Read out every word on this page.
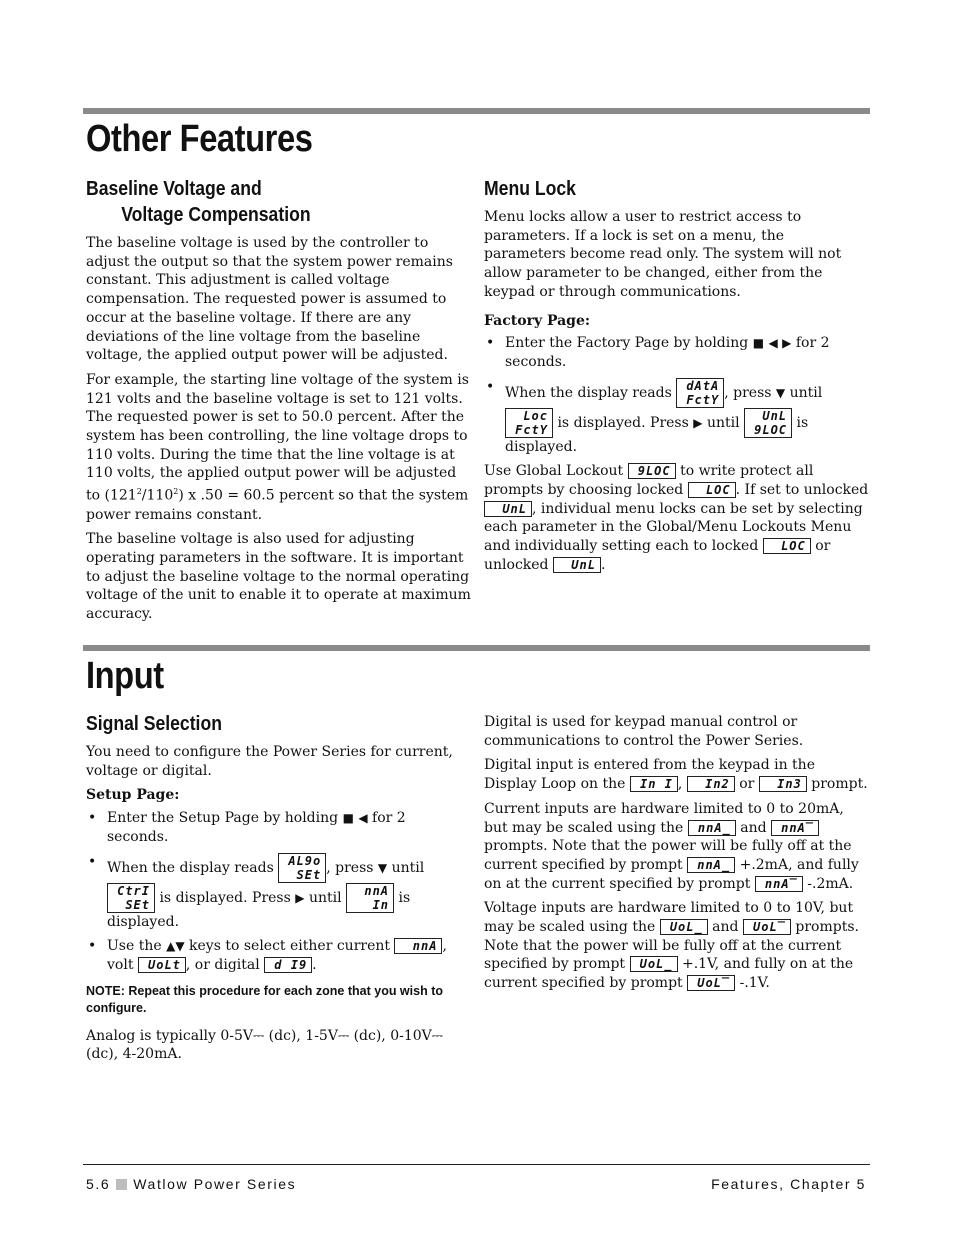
Other Features
Baseline Voltage and
Voltage Compensation

The baseline voltage is used by the controller to adjust the output so that the system power remains constant. This adjustment is called voltage compensation. The requested power is assumed to occur at the baseline voltage. If there are any deviations of the line voltage from the baseline voltage, the applied output power will be adjusted.

For example, the starting line voltage of the system is 121 volts and the baseline voltage is set to 121 volts. The requested power is set to 50.0 percent. After the system has been controlling, the line voltage drops to 110 volts. During the time that the line voltage is at 110 volts, the applied output power will be adjusted to $(121^2/110^2)$ x .50 = 60.5 percent so that the system power remains constant.

The baseline voltage is also used for adjusting operating parameters in the software. It is important to adjust the baseline voltage to the normal operating voltage of the unit to enable it to operate at maximum accuracy.

Menu Lock

Menu locks allow a user to restrict access to parameters. If a lock is set on a menu, the parameters become read only. The system will not allow parameter to be changed, either from the keypad or through communications.

Factory Page:
• Enter the Factory Page by holding ■ ◀ ▶ for 2 seconds.
• When the display reads dAtA
FctY , press ▼ until Loc
FctY is displayed. Press ▶ until UnL
9LOC is displayed.

Use Global Lockout 9LOC to write protect all prompts by choosing locked LOC . If set to unlocked UnL , individual menu locks can be set by selecting each parameter in the Global/Menu Lockouts Menu and individually setting each to locked LOC or unlocked UnL .

Input
Signal Selection

You need to configure the Power Series for current, voltage or digital.

Setup Page:
• Enter the Setup Page by holding ■ ◀ for 2 seconds.
• When the display reads AL9o
SEt , press ▼ until CtrI
SEt is displayed. Press ▶ until nnA
In is displayed.
• Use the ▲▼ keys to select either current nnA , volt UoLt , or digital d I9 .
NOTE: Repeat this procedure for each zone that you wish to configure.

Analog is typically 0-5V⎓ (dc), 1-5V⎓ (dc), 0-10V⎓ (dc), 4-20mA.

Digital is used for keypad manual control or communications to control the Power Series.

Digital input is entered from the keypad in the Display Loop on the In I , In2 or In3 prompt.

Current inputs are hardware limited to 0 to 20mA, but may be scaled using the nnA_ and nnA‾ prompts. Note that the power will be fully off at the current specified by prompt nnA_ +.2mA, and fully on at the current specified by prompt nnA‾ -.2mA.

Voltage inputs are hardware limited to 0 to 10V, but may be scaled using the UoL_ and UoL‾ prompts. Note that the power will be fully off at the current specified by prompt UoL_ +.1V, and fully on at the current specified by prompt UoL‾ -.1V.

5.6 Watlow Power Series	Features, Chapter 5
